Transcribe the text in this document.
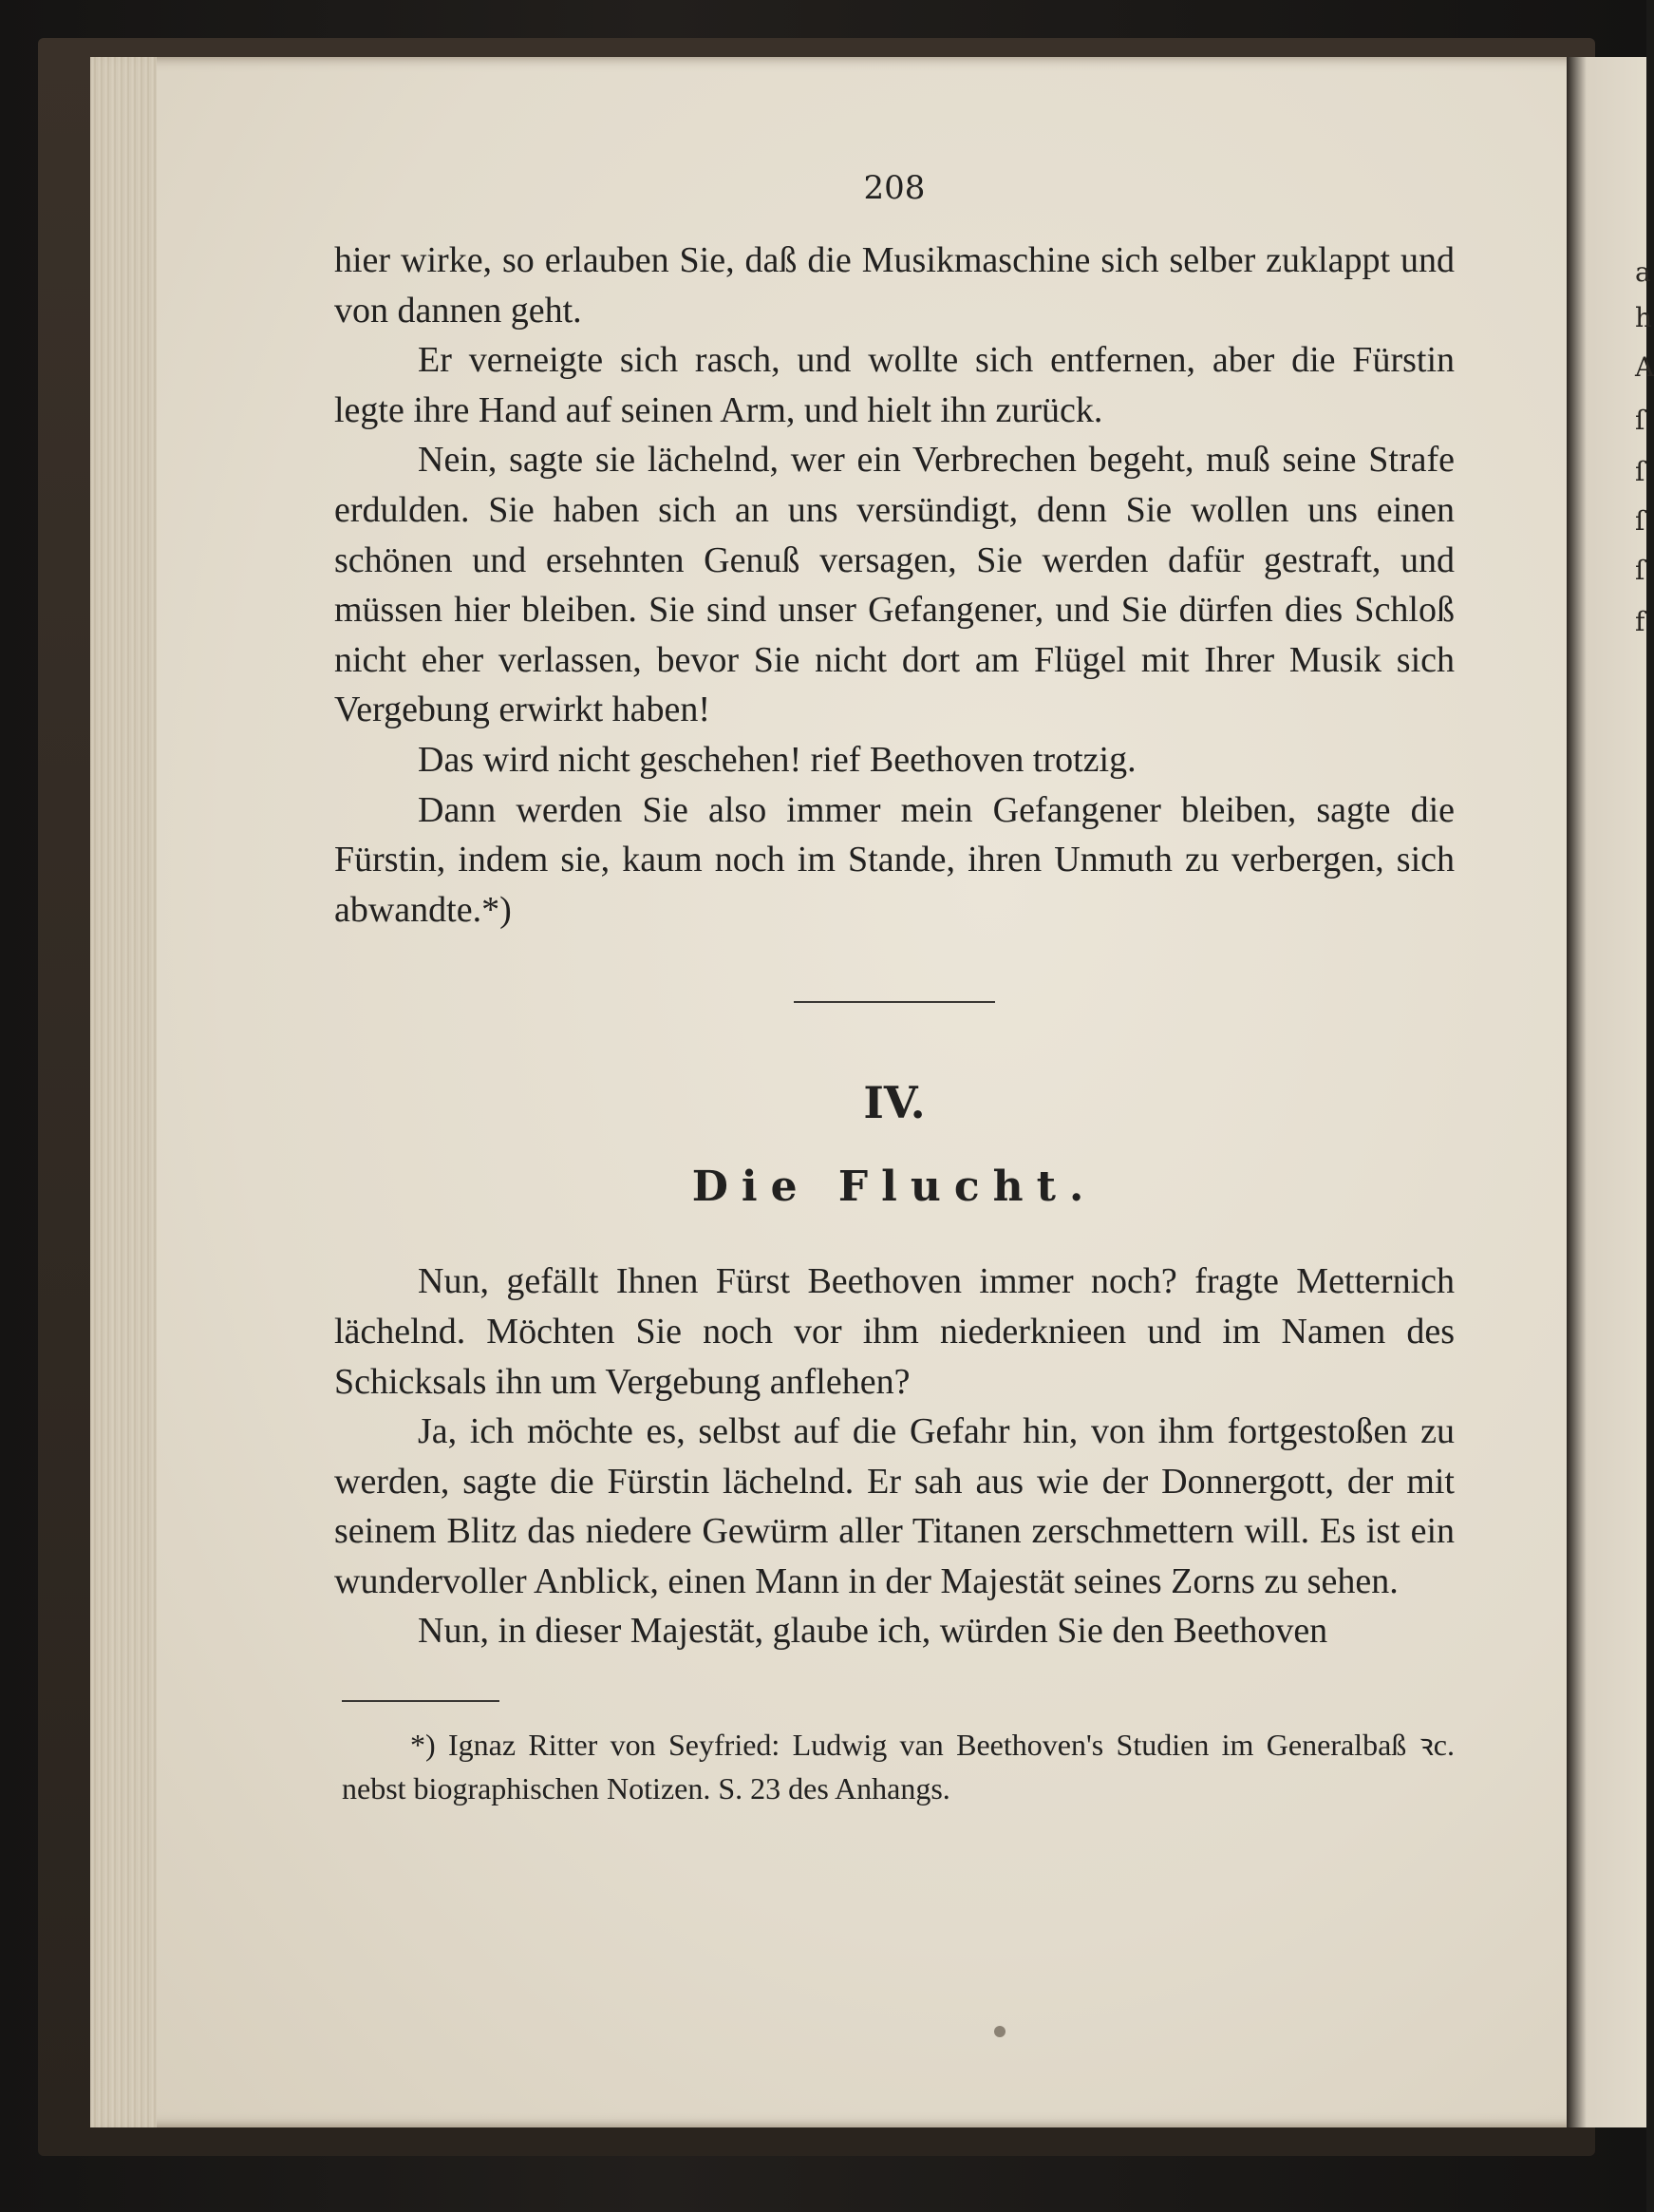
a
h
A
ſ
ſ
ſ
ſ
f
208

hier wirke, so erlauben Sie, daß die Musikmaschine sich selber zuklappt und von dannen geht.

Er verneigte sich rasch, und wollte sich entfernen, aber die Fürstin legte ihre Hand auf seinen Arm, und hielt ihn zurück.

Nein, sagte sie lächelnd, wer ein Verbrechen begeht, muß seine Strafe erdulden. Sie haben sich an uns versündigt, denn Sie wollen uns einen schönen und ersehnten Genuß versagen, Sie werden dafür gestraft, und müssen hier bleiben. Sie sind unser Gefangener, und Sie dürfen dies Schloß nicht eher verlassen, bevor Sie nicht dort am Flügel mit Ihrer Musik sich Vergebung erwirkt haben!

Das wird nicht geschehen! rief Beethoven trotzig.

Dann werden Sie also immer mein Gefangener bleiben, sagte die Fürstin, indem sie, kaum noch im Stande, ihren Unmuth zu verbergen, sich abwandte.*)

IV.
Die Flucht.

Nun, gefällt Ihnen Fürst Beethoven immer noch? fragte Metternich lächelnd. Möchten Sie noch vor ihm niederknieen und im Namen des Schicksals ihn um Vergebung anflehen?

Ja, ich möchte es, selbst auf die Gefahr hin, von ihm fortgestoßen zu werden, sagte die Fürstin lächelnd. Er sah aus wie der Donnergott, der mit seinem Blitz das niedere Gewürm aller Titanen zerschmettern will. Es ist ein wundervoller Anblick, einen Mann in der Majestät seines Zorns zu sehen.

Nun, in dieser Majestät, glaube ich, würden Sie den Beethoven

*) Ignaz Ritter von Seyfried: Ludwig van Beethoven's Studien im Generalbaß ꝛc. nebst biographischen Notizen. S. 23 des Anhangs.
